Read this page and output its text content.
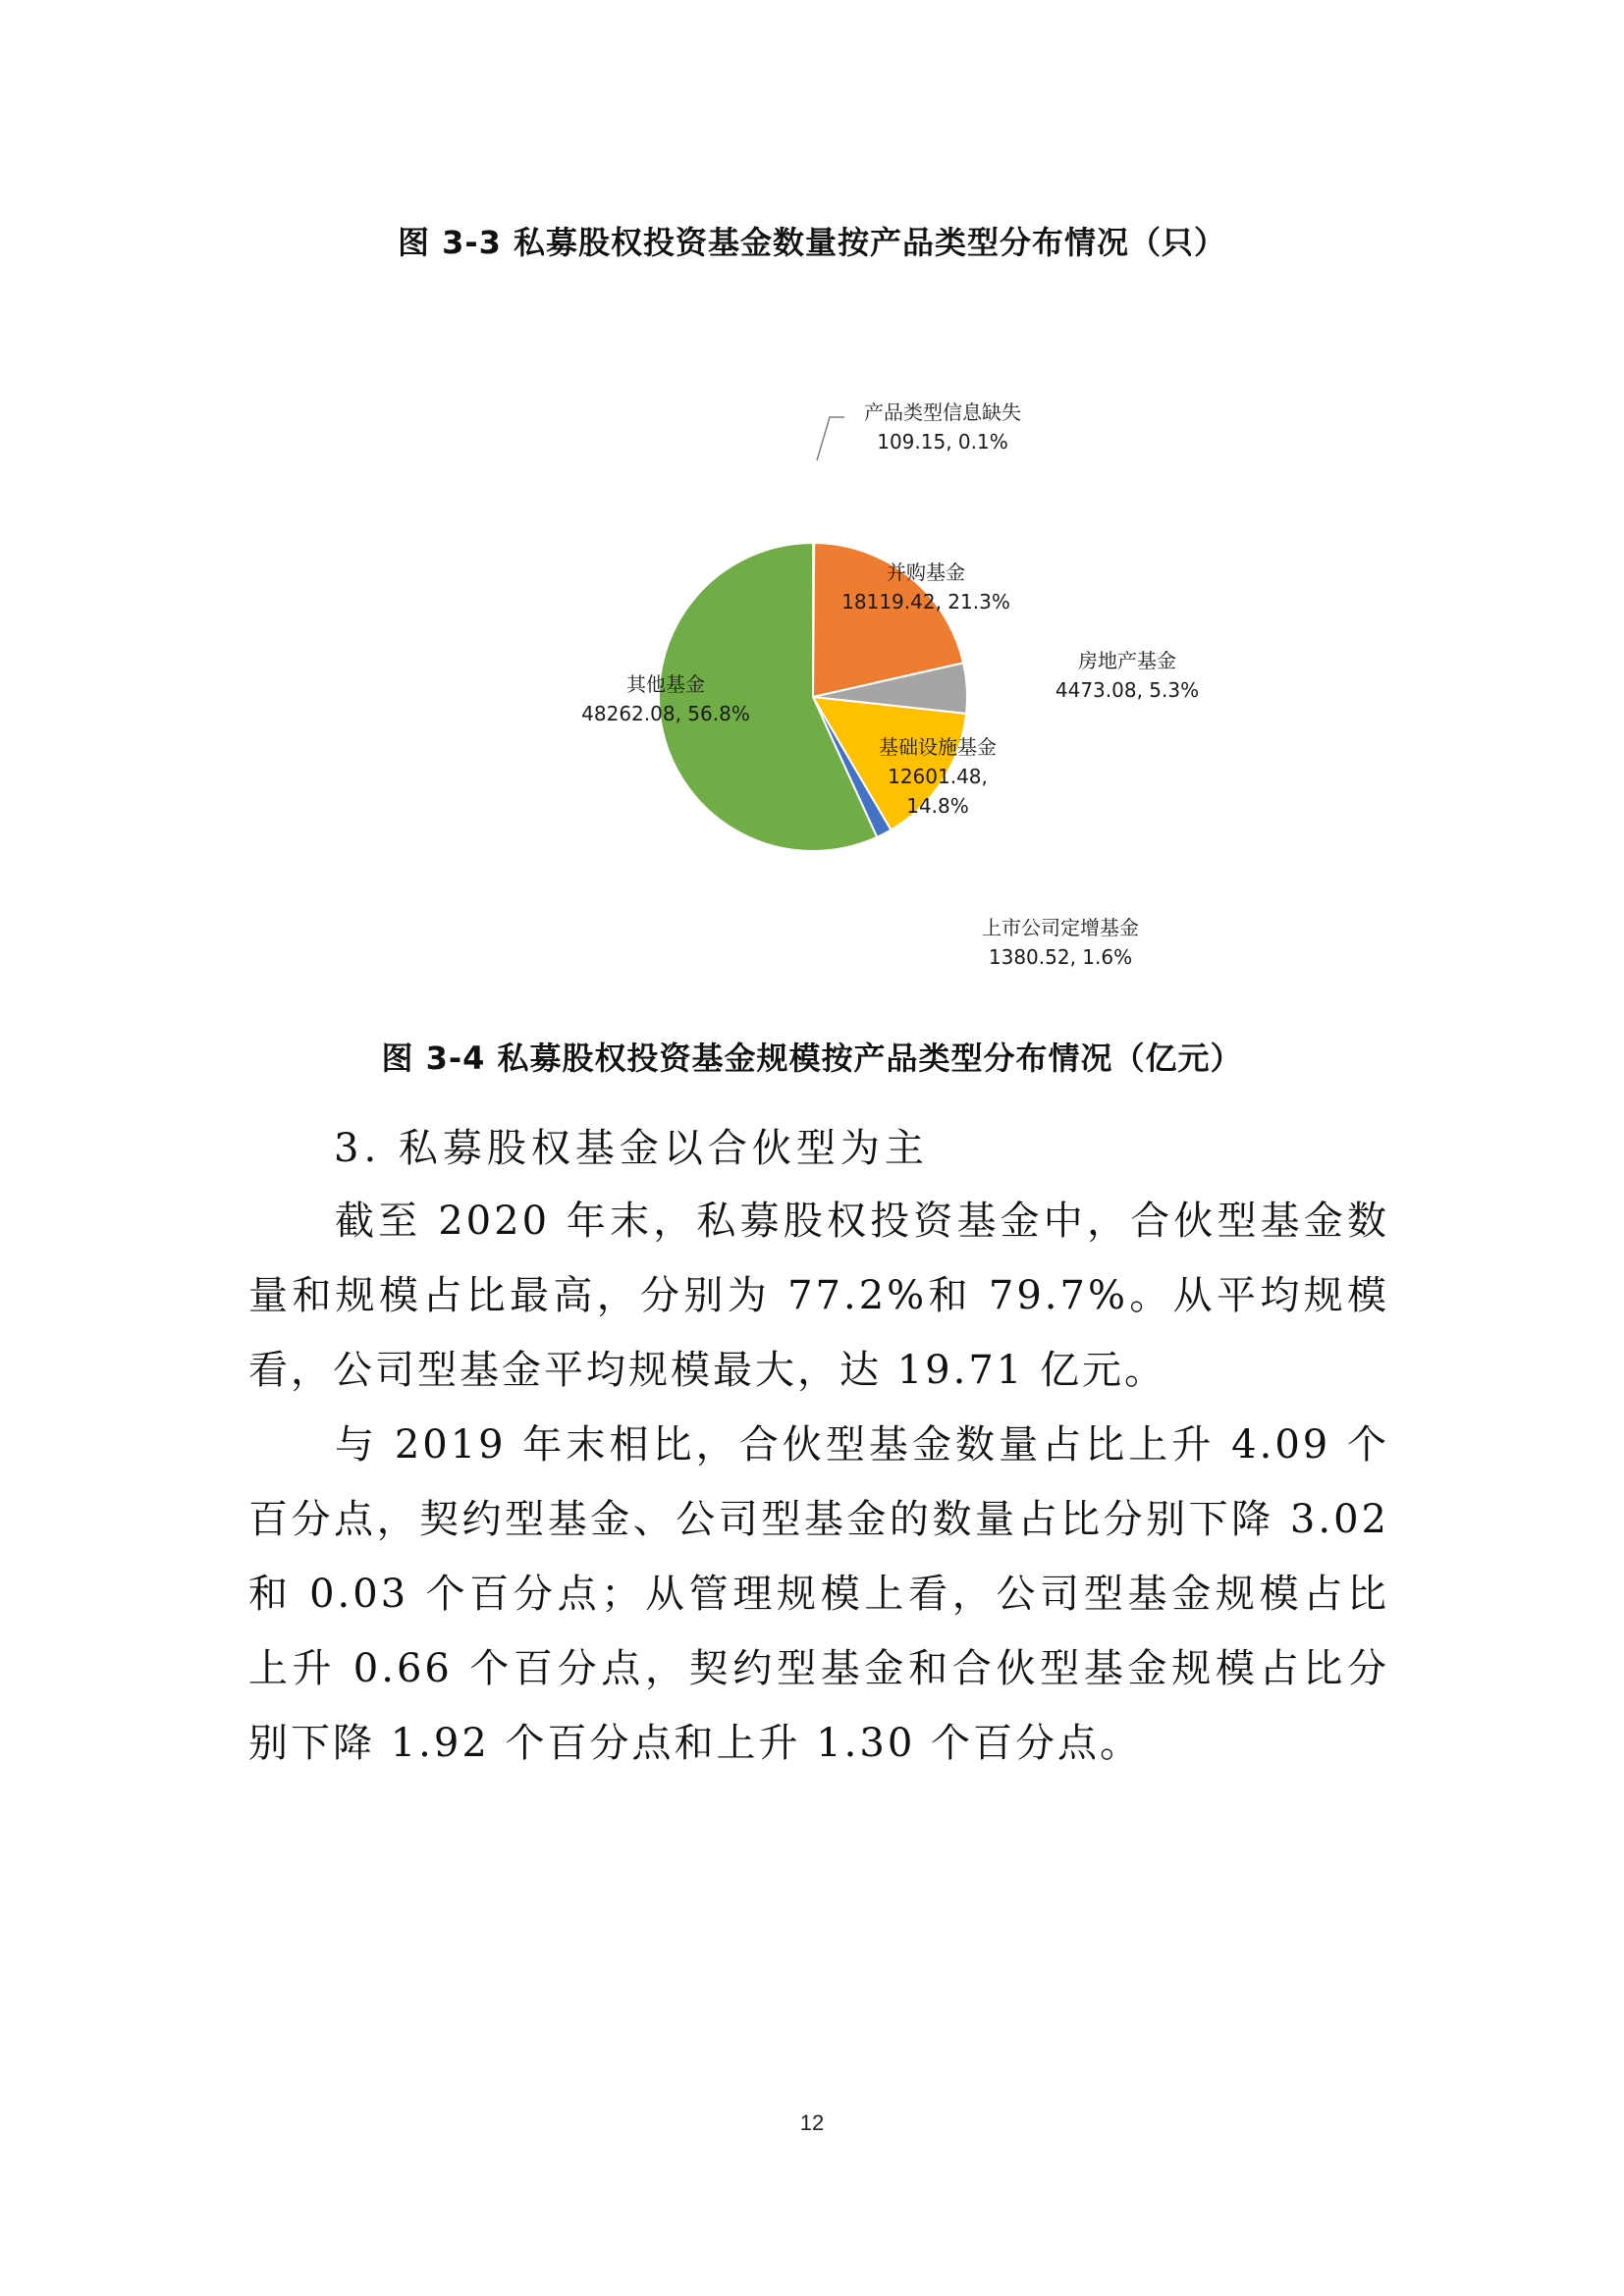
图 3-3 私募股权投资基金数量按产品类型分布情况（只）
产品类型信息缺失
109.15, 0.1%
并购基金
18119.42, 21.3%
房地产基金
4473.08, 5.3%
基础设施基金
12601.48,
14.8%
上市公司定增基金
1380.52, 1.6%
其他基金
48262.08, 56.8%
图 3-4 私募股权投资基金规模按产品类型分布情况（亿元）
3. 私募股权基金以合伙型为主
截至 2020 年末，私募股权投资基金中，合伙型基金数量和规模占比最高，分别为 77.2%和 79.7%。从平均规模看，公司型基金平均规模最大，达 19.71 亿元。
与 2019 年末相比，合伙型基金数量占比上升 4.09 个百分点，契约型基金、公司型基金的数量占比分别下降 3.02 和 0.03 个百分点；从管理规模上看，公司型基金规模占比上升 0.66 个百分点，契约型基金和合伙型基金规模占比分别下降 1.92 个百分点和上升 1.30 个百分点。
12
